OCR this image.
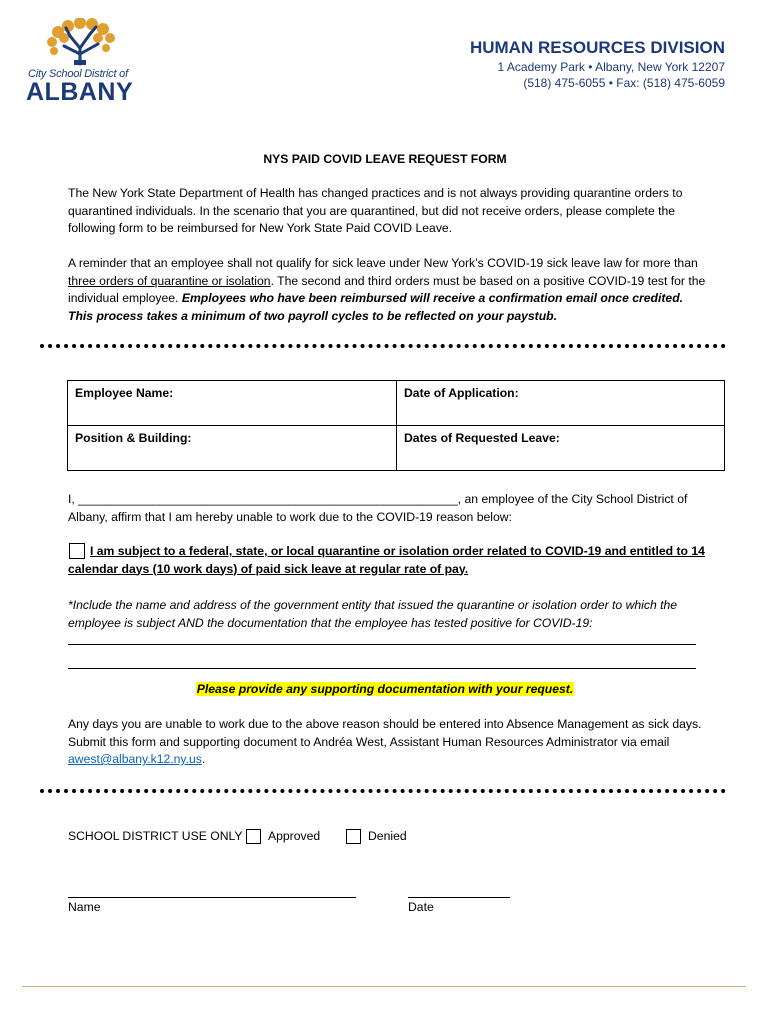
City School District of
ALBANY
HUMAN RESOURCES DIVISION
1 Academy Park • Albany, New York 12207
(518) 475-6055 • Fax: (518) 475-6059
NYS PAID COVID LEAVE REQUEST FORM
The New York State Department of Health has changed practices and is not always providing quarantine orders to quarantined individuals. In the scenario that you are quarantined, but did not receive orders, please complete the following form to be reimbursed for New York State Paid COVID Leave.
A reminder that an employee shall not qualify for sick leave under New York’s COVID-19 sick leave law for more than three orders of quarantine or isolation. The second and third orders must be based on a positive COVID-19 test for the individual employee. Employees who have been reimbursed will receive a confirmation email once credited. This process takes a minimum of two payroll cycles to be reflected on your paystub.
Employee Name:	Date of Application:
Position & Building:	Dates of Requested Leave:
I, ________________________________________________________, an employee of the City School District of Albany, affirm that I am hereby unable to work due to the COVID-19 reason below:
I am subject to a federal, state, or local quarantine or isolation order related to COVID-19 and entitled to 14 calendar days (10 work days) of paid sick leave at regular rate of pay.
*Include the name and address of the government entity that issued the quarantine or isolation order to which the employee is subject AND the documentation that the employee has tested positive for COVID-19:
Please provide any supporting documentation with your request.
Any days you are unable to work due to the above reason should be entered into Absence Management as sick days. Submit this form and supporting document to Andréa West, Assistant Human Resources Administrator via email awest@albany.k12.ny.us.
SCHOOL DISTRICT USE ONLY Approved	Denied
Name	Date
